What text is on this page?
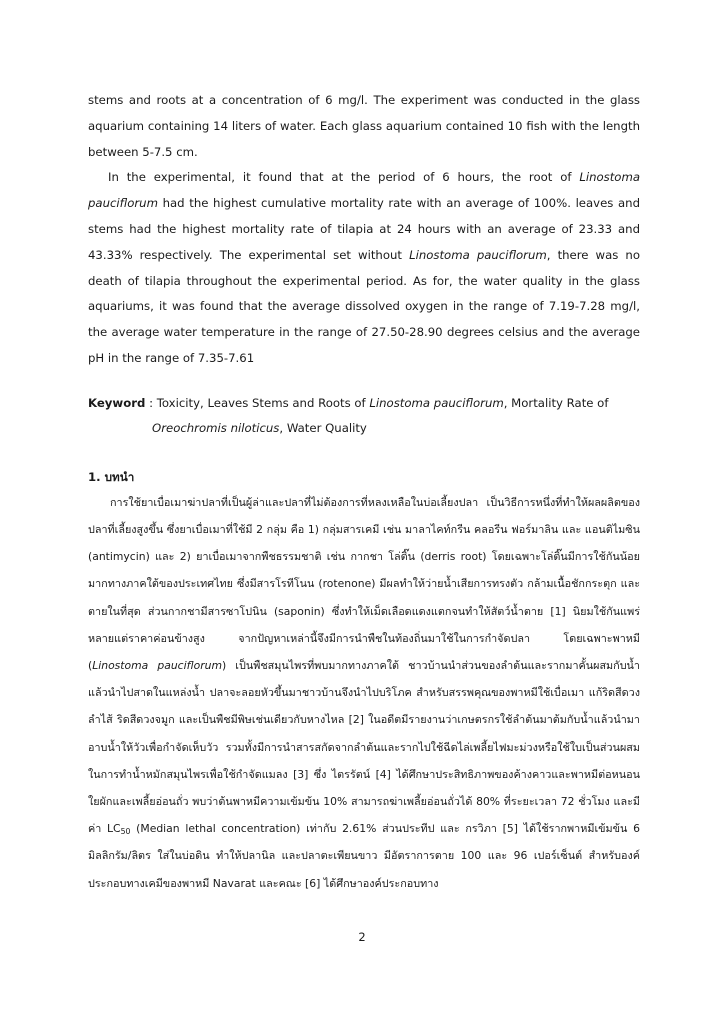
stems and roots at a concentration of 6 mg/l. The experiment was conducted in the glass aquarium containing 14 liters of water. Each glass aquarium contained 10 fish with the length between 5-7.5 cm.

In the experimental, it found that at the period of 6 hours, the root of Linostoma pauciflorum had the highest cumulative mortality rate with an average of 100%. leaves and stems had the highest mortality rate of tilapia at 24 hours with an average of 23.33 and 43.33% respectively. The experimental set without Linostoma pauciflorum, there was no death of tilapia throughout the experimental period. As for, the water quality in the glass aquariums, it was found that the average dissolved oxygen in the range of 7.19-7.28 mg/l, the average water temperature in the range of 27.50-28.90 degrees celsius and the average pH in the range of 7.35-7.61

Keyword : Toxicity, Leaves Stems and Roots of Linostoma pauciflorum, Mortality Rate of
Oreochromis niloticus, Water Quality
1. บทนำ

การใช้ยาเบื่อเมาฆ่าปลาที่เป็นผู้ล่าและปลาที่ไม่ต้องการที่หลงเหลือในบ่อเลี้ยงปลา เป็นวิธีการหนึ่งที่ทำให้ผลผลิตของปลาที่เลี้ยงสูงขึ้น ซึ่งยาเบื่อเมาที่ใช้มี 2 กลุ่ม คือ 1) กลุ่มสารเคมี เช่น มาลาไคท์กรีน คลอรีน ฟอร์มาลิน และ แอนติไมซิน (antimycin) และ 2) ยาเบื่อเมาจากพืชธรรมชาติ เช่น กากชา โล่ติ๊น (derris root) โดยเฉพาะโล่ติ๊นมีการใช้กันน้อยมากทางภาคใต้ของประเทศไทย ซึ่งมีสารโรทีโนน (rotenone) มีผลทำให้ว่ายน้ำเสียการทรงตัว กล้ามเนื้อชักกระตุก และตายในที่สุด ส่วนกากชามีสารซาโปนิน (saponin) ซึ่งทำให้เม็ดเลือดแดงแตกจนทำให้สัตว์น้ำตาย [1] นิยมใช้กันแพร่หลายแต่ราคาค่อนข้างสูง จากปัญหาเหล่านี้จึงมีการนำพืชในท้องถิ่นมาใช้ในการกำจัดปลา โดยเฉพาะพาหมี (Linostoma pauciflorum) เป็นพืชสมุนไพรที่พบมากทางภาคใต้ ชาวบ้านนำส่วนของลำต้นและรากมาคั้นผสมกับน้ำแล้วนำไปสาดในแหล่งน้ำ ปลาจะลอยหัวขึ้นมาชาวบ้านจึงนำไปบริโภค สำหรับสรรพคุณของพาหมีใช้เบื่อเมา แก้ริดสีดวงลำไส้ ริดสีดวงจมูก และเป็นพืชมีพิษเช่นเดียวกับหางไหล [2] ในอดีตมีรายงานว่าเกษตรกรใช้ลำต้นมาต้มกับน้ำแล้วนำมาอาบน้ำให้วัวเพื่อกำจัดเห็บวัว รวมทั้งมีการนำสารสกัดจากลำต้นและรากไปใช้ฉีดไล่เพลี้ยไฟมะม่วงหรือใช้ใบเป็นส่วนผสมในการทำน้ำหมักสมุนไพรเพื่อใช้กำจัดแมลง [3] ซึ่ง ไตรรัตน์ [4] ได้ศึกษาประสิทธิภาพของค้างคาวและพาหมีต่อหนอนใยผักและเพลี้ยอ่อนถั่ว พบว่าต้นพาหมีความเข้มข้น 10% สามารถฆ่าเพลี้ยอ่อนถั่วได้ 80% ที่ระยะเวลา 72 ชั่วโมง และมีค่า $LC_{50}$ (Median lethal concentration) เท่ากับ 2.61% ส่วนประทีป และ กรวิภา [5] ได้ใช้รากพาหมีเข้มข้น 6 มิลลิกรัม/ลิตร ใส่ในบ่อดิน ทำให้ปลานิล และปลาตะเพียนขาว มีอัตราการตาย 100 และ 96 เปอร์เซ็นต์ สำหรับองค์ประกอบทางเคมีของพาหมี Navarat และคณะ [6] ได้ศึกษาองค์ประกอบทาง

2
